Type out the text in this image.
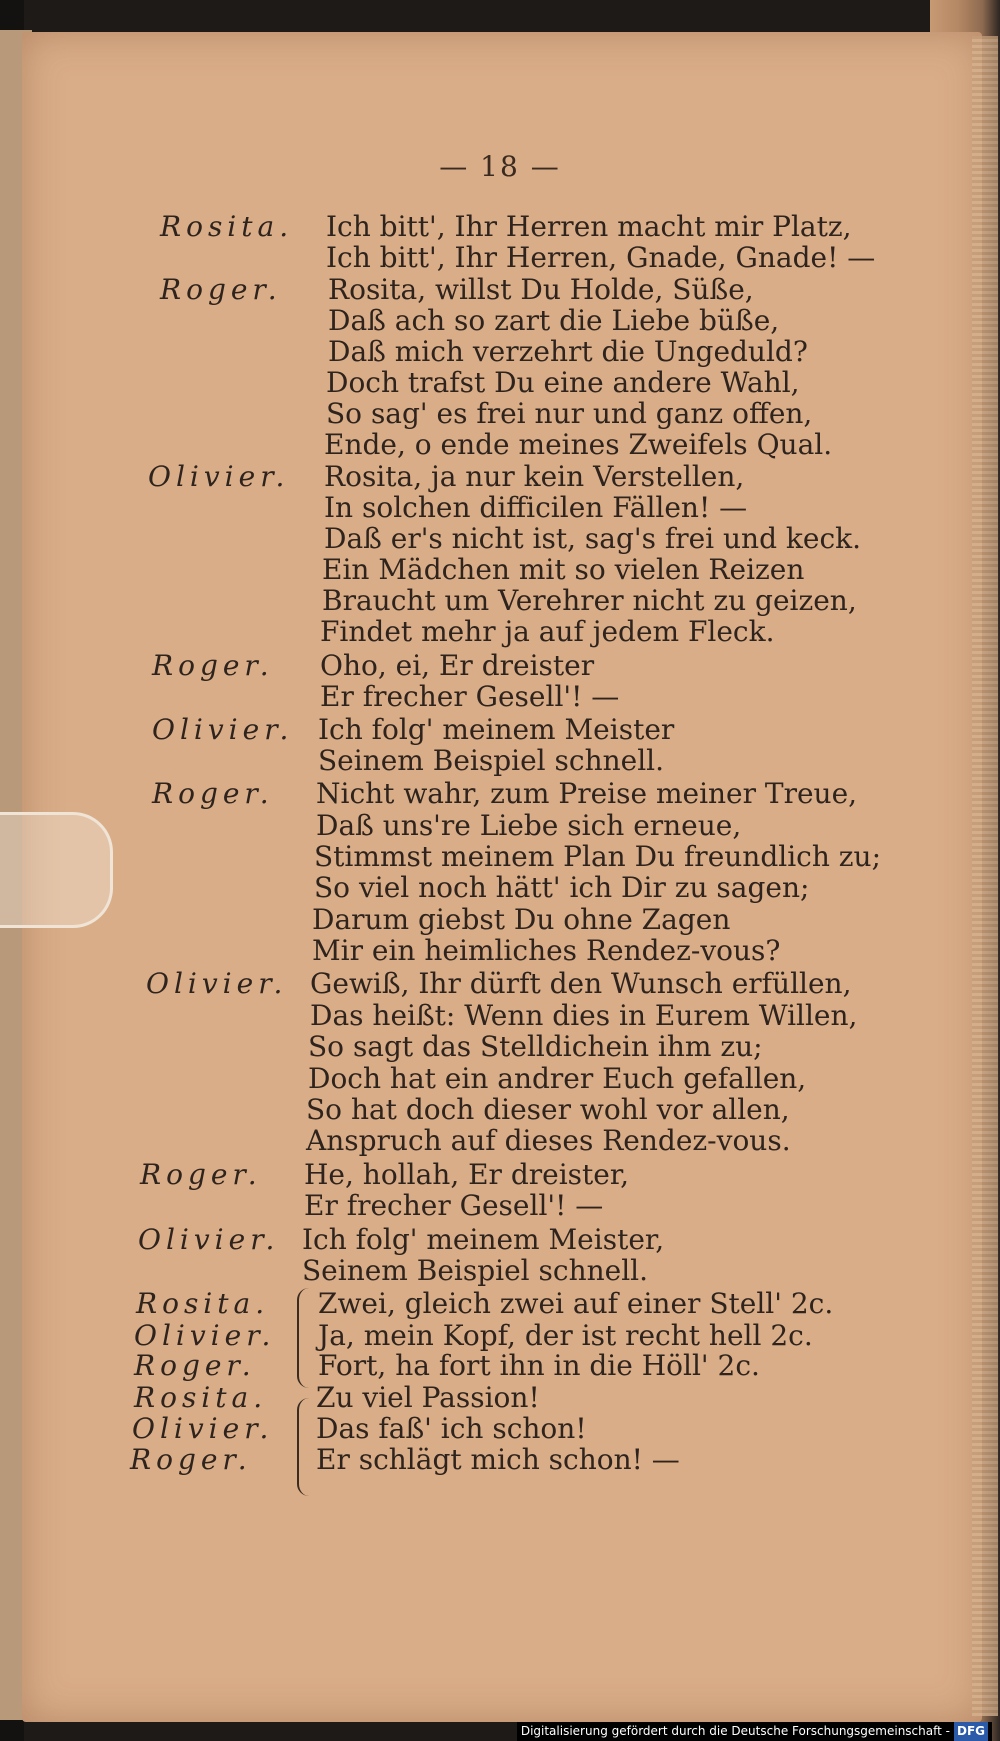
— 18 —
Rosita. Ich bitt', Ihr Herren macht mir Platz,
Ich bitt', Ihr Herren, Gnade, Gnade! —
Roger. Rosita, willst Du Holde, Süße,
Daß ach so zart die Liebe büße,
Daß mich verzehrt die Ungeduld?
Doch trafst Du eine andere Wahl,
So sag' es frei nur und ganz offen,
Ende, o ende meines Zweifels Qual.
Olivier. Rosita, ja nur kein Verstellen,
In solchen difficilen Fällen! —
Daß er's nicht ist, sag's frei und keck.
Ein Mädchen mit so vielen Reizen
Braucht um Verehrer nicht zu geizen,
Findet mehr ja auf jedem Fleck.
Roger. Oho, ei, Er dreister
Er frecher Gesell'! —
Olivier. Ich folg' meinem Meister
Seinem Beispiel schnell.
Roger. Nicht wahr, zum Preise meiner Treue,
Daß uns're Liebe sich erneue,
Stimmst meinem Plan Du freundlich zu;
So viel noch hätt' ich Dir zu sagen;
Darum giebst Du ohne Zagen
Mir ein heimliches Rendez-vous?
Olivier. Gewiß, Ihr dürft den Wunsch erfüllen,
Das heißt: Wenn dies in Eurem Willen,
So sagt das Stelldichein ihm zu;
Doch hat ein andrer Euch gefallen,
So hat doch dieser wohl vor allen,
Anspruch auf dieses Rendez-vous.
Roger. He, hollah, Er dreister,
Er frecher Gesell'! —
Olivier. Ich folg' meinem Meister,
Seinem Beispiel schnell.
Rosita. Zwei, gleich zwei auf einer Stell' 2c.
Olivier. Ja, mein Kopf, der ist recht hell 2c.
Roger. Fort, ha fort ihn in die Höll' 2c.
Rosita. Zu viel Passion!
Olivier. Das faß' ich schon!
Roger. Er schlägt mich schon! —
Digitalisierung gefördert durch die Deutsche Forschungsgemeinschaft - DFG
